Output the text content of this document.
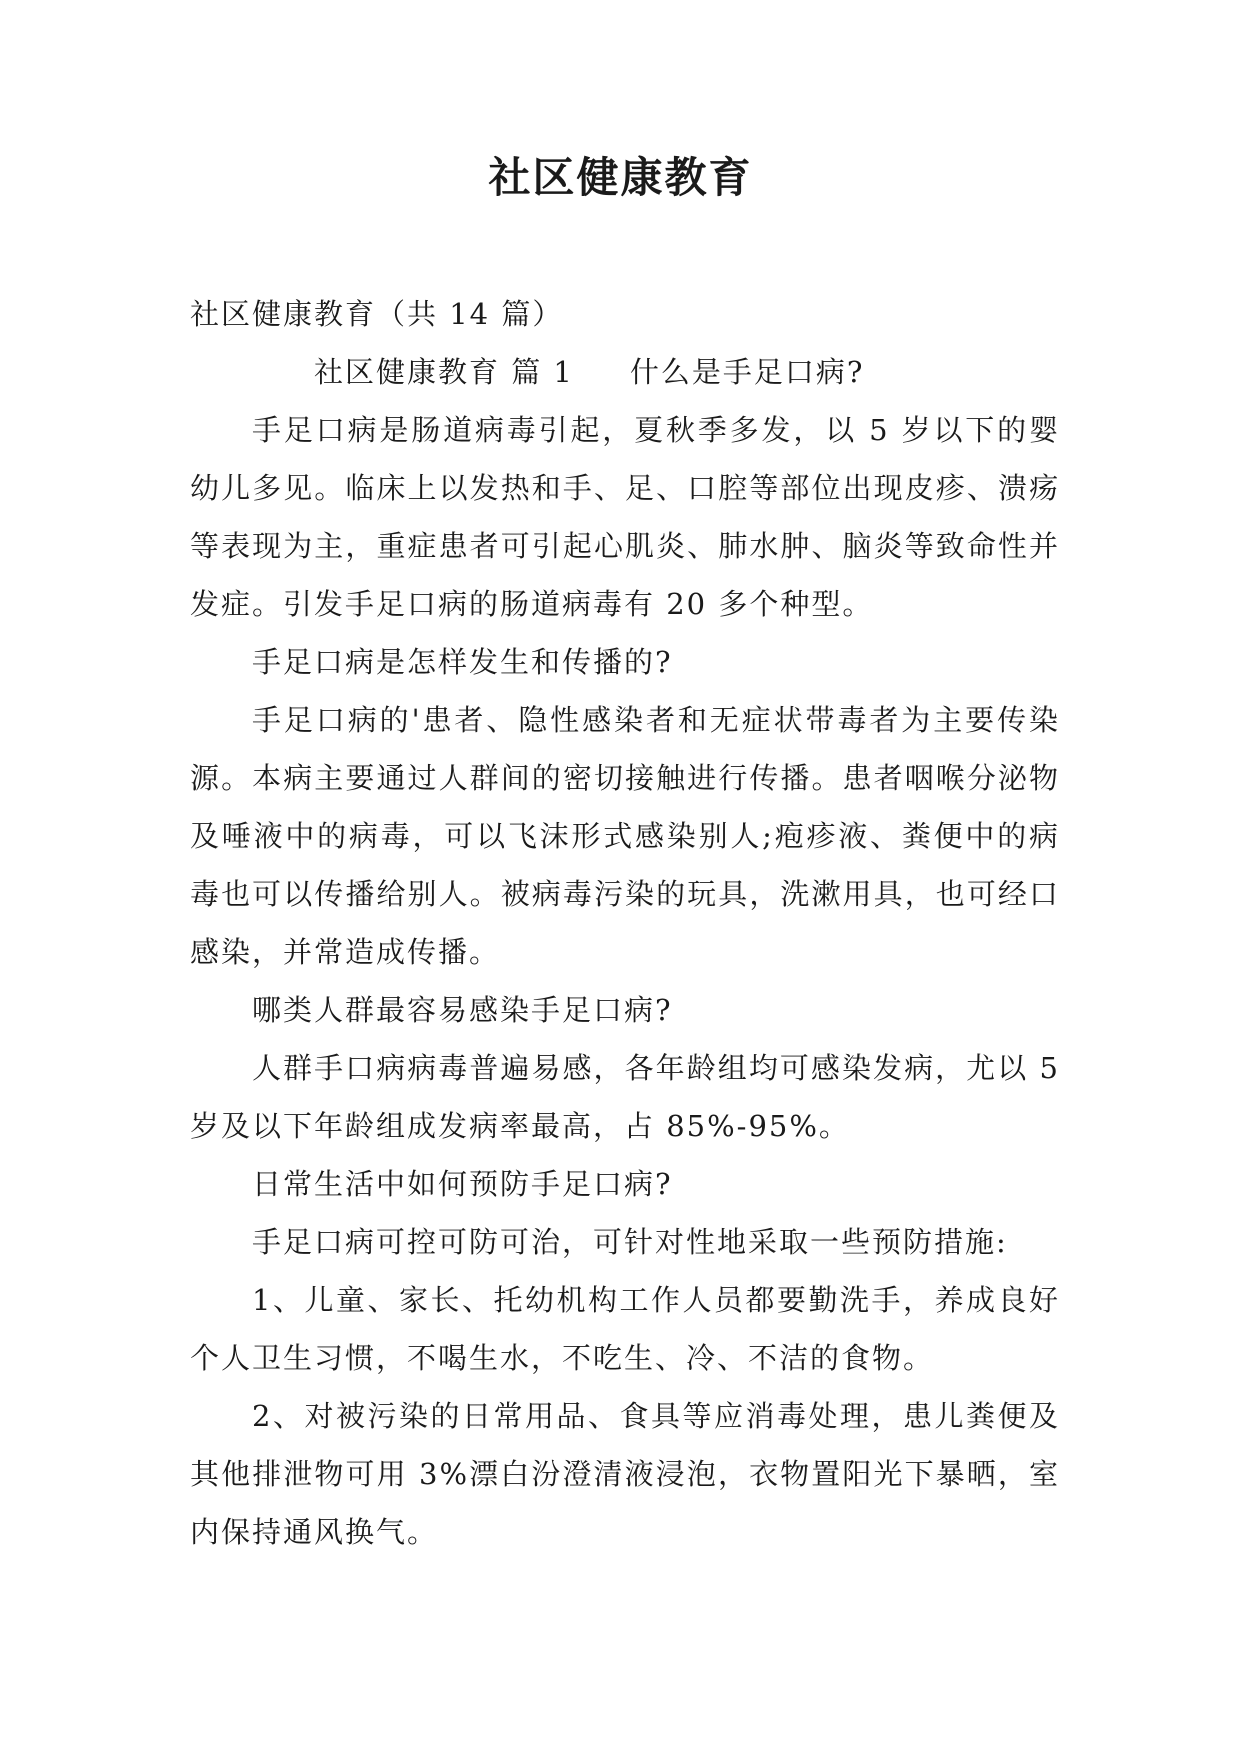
社区健康教育

社区健康教育（共 14 篇）

社区健康教育 篇 1 什么是手足口病?

手足口病是肠道病毒引起，夏秋季多发，以 5 岁以下的婴幼儿多见。临床上以发热和手、足、口腔等部位出现皮疹、溃疡等表现为主，重症患者可引起心肌炎、肺水肿、脑炎等致命性并发症。引发手足口病的肠道病毒有 20 多个种型。

手足口病是怎样发生和传播的?

手足口病的'患者、隐性感染者和无症状带毒者为主要传染源。本病主要通过人群间的密切接触进行传播。患者咽喉分泌物及唾液中的病毒，可以飞沫形式感染别人;疱疹液、粪便中的病毒也可以传播给别人。被病毒污染的玩具，洗漱用具，也可经口感染，并常造成传播。

哪类人群最容易感染手足口病?

人群手口病病毒普遍易感，各年龄组均可感染发病，尤以 5 岁及以下年龄组成发病率最高，占 85%-95%。

日常生活中如何预防手足口病?

手足口病可控可防可治，可针对性地采取一些预防措施:

1、儿童、家长、托幼机构工作人员都要勤洗手，养成良好个人卫生习惯，不喝生水，不吃生、冷、不洁的食物。

2、对被污染的日常用品、食具等应消毒处理，患儿粪便及其他排泄物可用 3%漂白汾澄清液浸泡，衣物置阳光下暴晒，室内保持通风换气。
